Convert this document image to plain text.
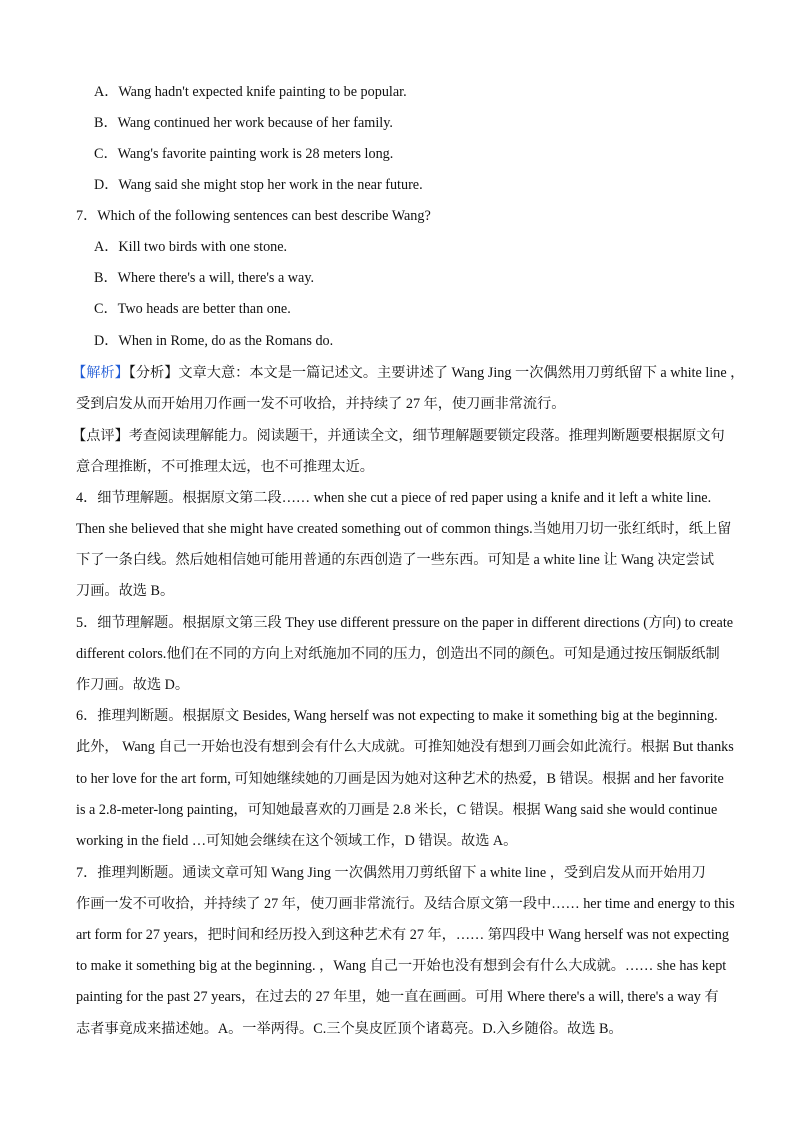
A．Wang hadn't expected knife painting to be popular.
B．Wang continued her work because of her family.
C．Wang's favorite painting work is 28 meters long.
D．Wang said she might stop her work in the near future.
7．Which of the following sentences can best describe Wang?
A．Kill two birds with one stone.
B．Where there's a will, there's a way.
C．Two heads are better than one.
D．When in Rome, do as the Romans do.
【解析】【分析】文章大意：本文是一篇记述文。主要讲述了 Wang Jing 一次偶然用刀剪纸留下 a white line ，
受到启发从而开始用刀作画一发不可收拾，并持续了 27 年，使刀画非常流行。
【点评】考查阅读理解能力。阅读题干，并通读全文，细节理解题要锁定段落。推理判断题要根据原文句
意合理推断，不可推理太远，也不可推理太近。
4．细节理解题。根据原文第二段…… when she cut a piece of red paper using a knife and it left a white line.
Then she believed that she might have created something out of common things.当她用刀切一张红纸时，纸上留
下了一条白线。然后她相信她可能用普通的东西创造了一些东西。可知是 a white line 让 Wang 决定尝试
刀画。故选 B。
5．细节理解题。根据原文第三段 They use different pressure on the paper in different directions (方向) to create
different colors.他们在不同的方向上对纸施加不同的压力，创造出不同的颜色。可知是通过按压铜版纸制
作刀画。故选 D。
6．推理判断题。根据原文 Besides, Wang herself was not expecting to make it something big at the beginning.
此外， Wang 自己一开始也没有想到会有什么大成就。可推知她没有想到刀画会如此流行。根据 But thanks
to her love for the art form, 可知她继续她的刀画是因为她对这种艺术的热爱，B 错误。根据 and her favorite
is a 2.8-meter-long painting，可知她最喜欢的刀画是 2.8 米长，C 错误。根据 Wang said she would continue
working in the field …可知她会继续在这个领域工作，D 错误。故选 A。
7．推理判断题。通读文章可知 Wang Jing 一次偶然用刀剪纸留下 a white line ，受到启发从而开始用刀
作画一发不可收拾，并持续了 27 年，使刀画非常流行。及结合原文第一段中…… her time and energy to this
art form for 27 years，把时间和经历投入到这种艺术有 27 年，…… 第四段中 Wang herself was not expecting
to make it something big at the beginning. ，Wang 自己一开始也没有想到会有什么大成就。…… she has kept
painting for the past 27 years，在过去的 27 年里，她一直在画画。可用 Where there's a will, there's a way 有
志者事竟成来描述她。A。一举两得。C.三个臭皮匠顶个诸葛亮。D.入乡随俗。故选 B。
